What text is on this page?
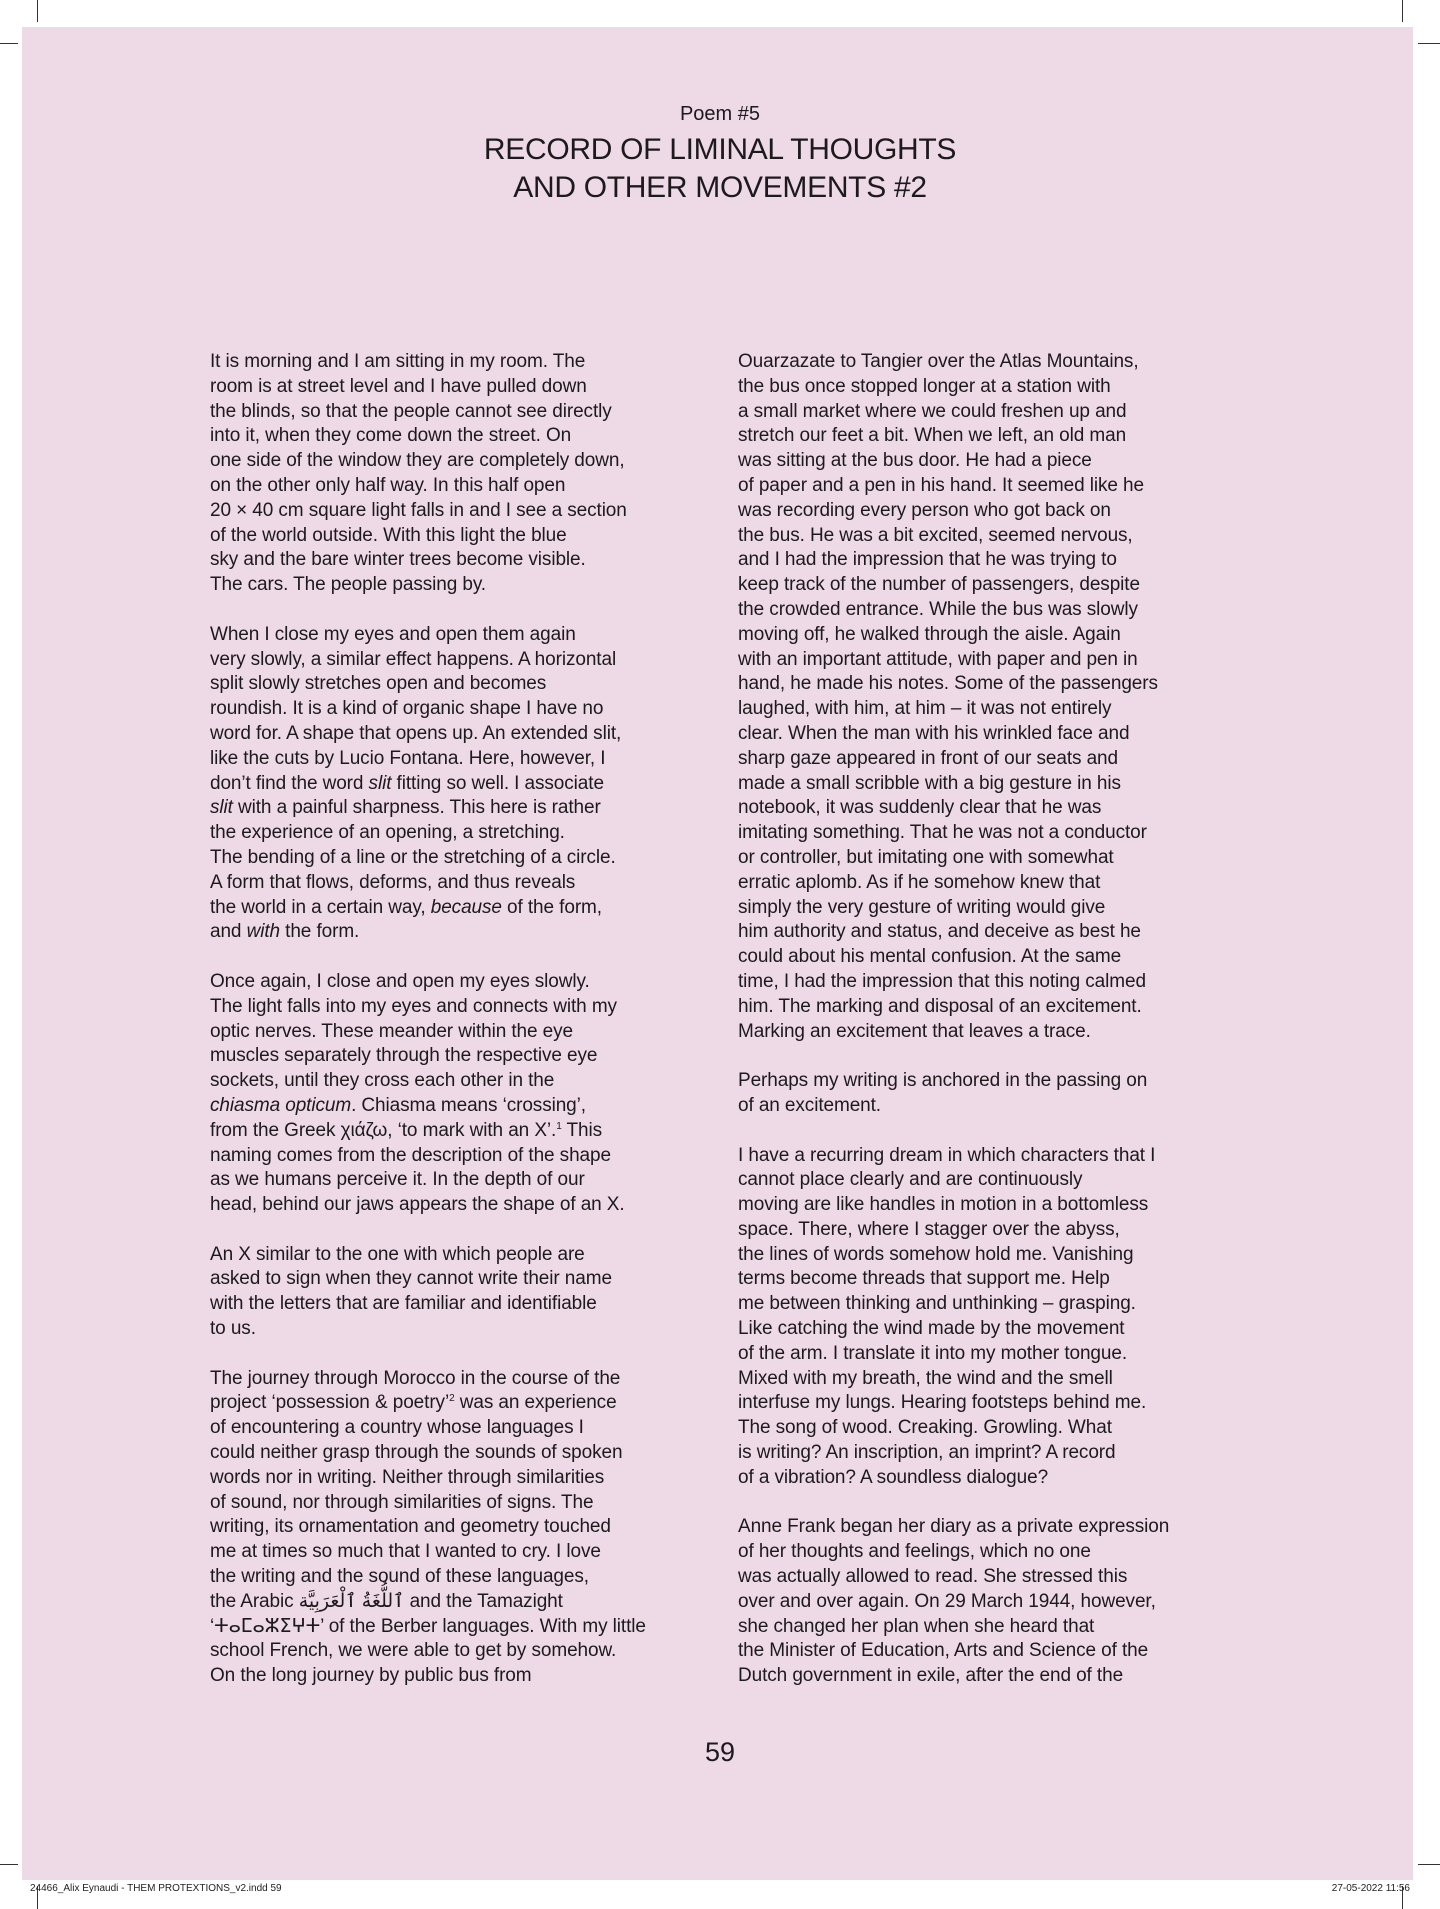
Poem #5
RECORD OF LIMINAL THOUGHTS
AND OTHER MOVEMENTS #2

It is morning and I am sitting in my room. The
room is at street level and I have pulled down
the blinds, so that the people cannot see directly
into it, when they come down the street. On
one side of the window they are completely down,
on the other only half way. In this half open
20 × 40 cm square light falls in and I see a section
of the world outside. With this light the blue
sky and the bare winter trees become visible.
The cars. The people passing by.

When I close my eyes and open them again
very slowly, a similar effect happens. A horizontal
split slowly stretches open and becomes
roundish. It is a kind of organic shape I have no
word for. A shape that opens up. An extended slit,
like the cuts by Lucio Fontana. Here, however, I
don’t find the word slit fitting so well. I associate
slit with a painful sharpness. This here is rather
the experience of an opening, a stretching.
The bending of a line or the stretching of a circle.
A form that flows, deforms, and thus reveals
the world in a certain way, because of the form,
and with the form.

Once again, I close and open my eyes slowly.
The light falls into my eyes and connects with my
optic nerves. These meander within the eye
muscles separately through the respective eye
sockets, until they cross each other in the
chiasma opticum. Chiasma means ‘crossing’,
from the Greek χιάζω, ‘to mark with an X’.$^1$ This
naming comes from the description of the shape
as we humans perceive it. In the depth of our
head, behind our jaws appears the shape of an X.

An X similar to the one with which people are
asked to sign when they cannot write their name
with the letters that are familiar and identifiable
to us.

The journey through Morocco in the course of the
project ‘possession & poetry’$^2$ was an experience
of encountering a country whose languages I
could neither grasp through the sounds of spoken
words nor in writing. Neither through similarities
of sound, nor through similarities of signs. The
writing, its ornamentation and geometry touched
me at times so much that I wanted to cry. I love
the writing and the sound of these languages,
the Arabic ٱللُّغَةُ ٱلْعَرَبِيَّة and the Tamazight
‘ⵜⴰⵎⴰⵣⵉⵖⵜ’ of the Berber languages. With my little
school French, we were able to get by somehow.
On the long journey by public bus from

Ouarzazate to Tangier over the Atlas Mountains,
the bus once stopped longer at a station with
a small market where we could freshen up and
stretch our feet a bit. When we left, an old man
was sitting at the bus door. He had a piece
of paper and a pen in his hand. It seemed like he
was recording every person who got back on
the bus. He was a bit excited, seemed nervous,
and I had the impression that he was trying to
keep track of the number of passengers, despite
the crowded entrance. While the bus was slowly
moving off, he walked through the aisle. Again
with an important attitude, with paper and pen in
hand, he made his notes. Some of the passengers
laughed, with him, at him – it was not entirely
clear. When the man with his wrinkled face and
sharp gaze appeared in front of our seats and
made a small scribble with a big gesture in his
notebook, it was suddenly clear that he was
imitating something. That he was not a conductor
or controller, but imitating one with somewhat
erratic aplomb. As if he somehow knew that
simply the very gesture of writing would give
him authority and status, and deceive as best he
could about his mental confusion. At the same
time, I had the impression that this noting calmed
him. The marking and disposal of an excitement.
Marking an excitement that leaves a trace.

Perhaps my writing is anchored in the passing on
of an excitement.

I have a recurring dream in which characters that I
cannot place clearly and are continuously
moving are like handles in motion in a bottomless
space. There, where I stagger over the abyss,
the lines of words somehow hold me. Vanishing
terms become threads that support me. Help
me between thinking and unthinking – grasping.
Like catching the wind made by the movement
of the arm. I translate it into my mother tongue.
Mixed with my breath, the wind and the smell
interfuse my lungs. Hearing footsteps behind me.
The song of wood. Creaking. Growling. What
is writing? An inscription, an imprint? A record
of a vibration? A soundless dialogue?

Anne Frank began her diary as a private expression
of her thoughts and feelings, which no one
was actually allowed to read. She stressed this
over and over again. On 29 March 1944, however,
she changed her plan when she heard that
the Minister of Education, Arts and Science of the
Dutch government in exile, after the end of the

59
24466_Alix Eynaudi - THEM PROTEXTIONS_v2.indd 59	27-05-2022 11:56
